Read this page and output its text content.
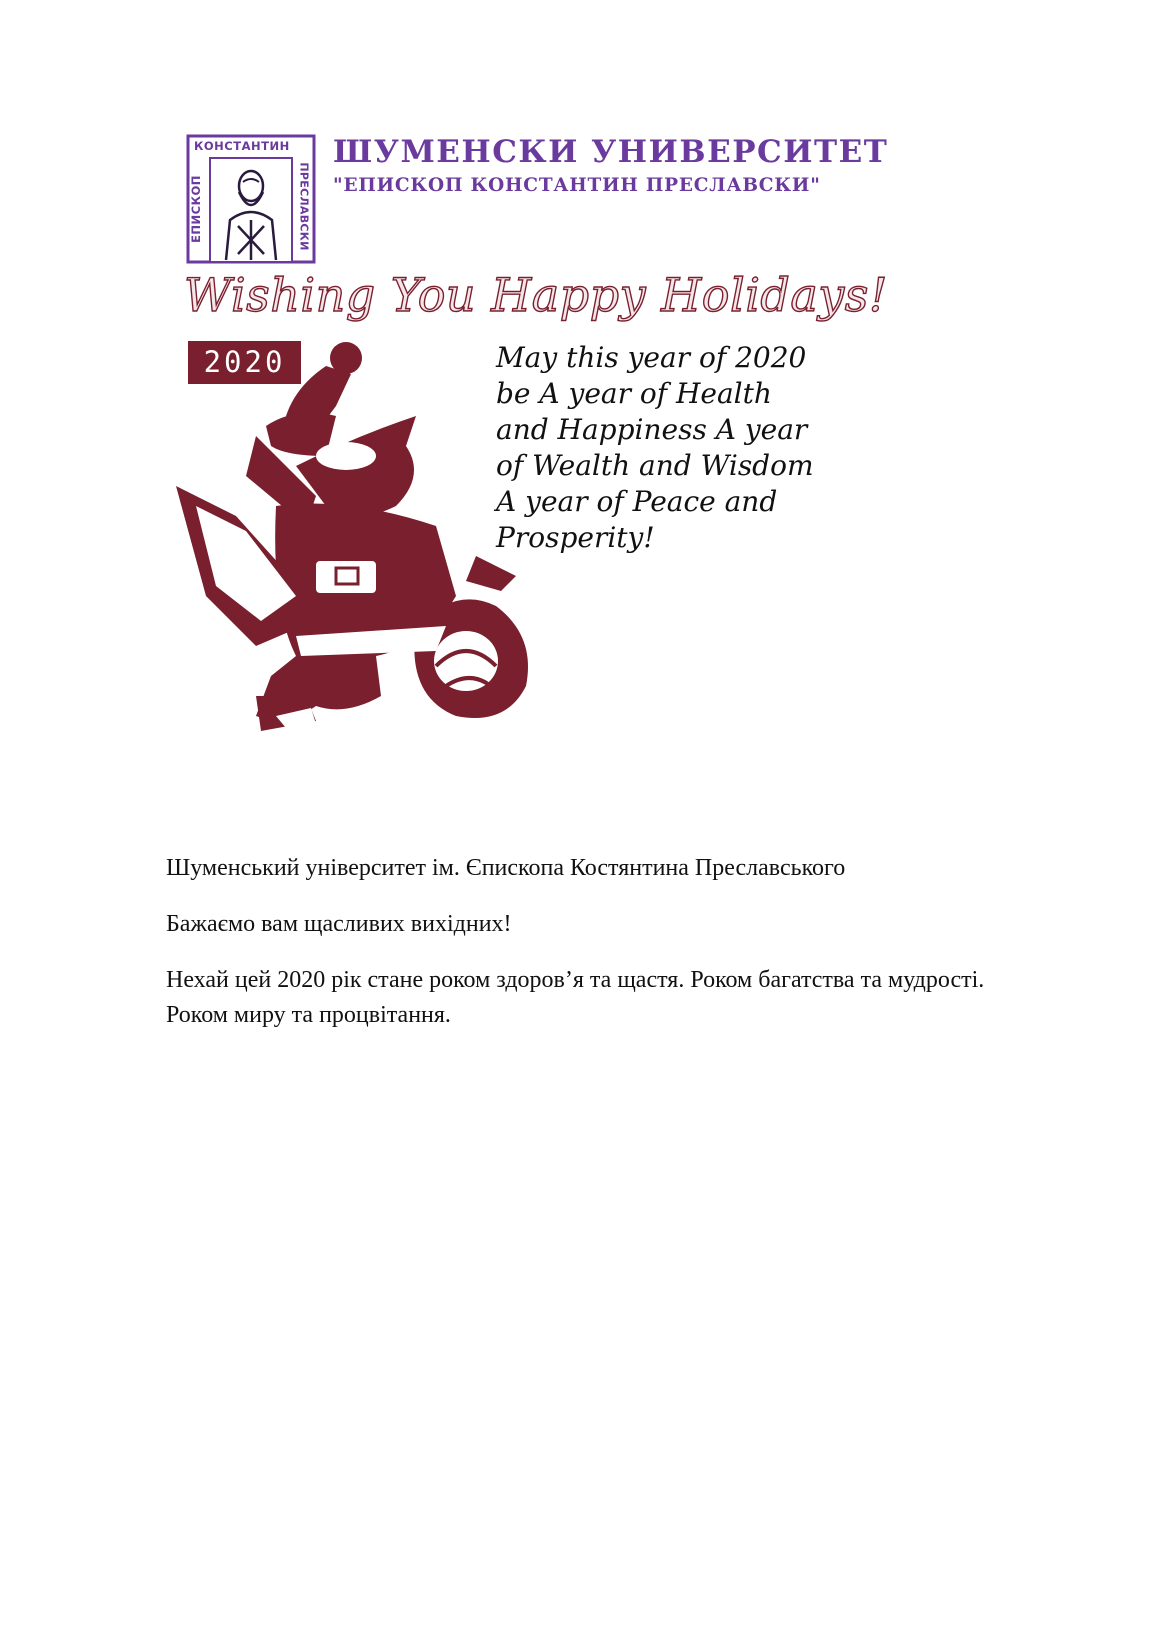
КОНСТАНТИН
ЕПИСКОП	ПРЕСЛАВСКИ
ШУМЕНСКИ УНИВЕРСИТЕТ
"ЕПИСКОП КОНСТАНТИН ПРЕСЛАВСКИ"
Wishing You Happy Holidays!
2020	May this year of 2020
be A year of Health
and Happiness A year
of Wealth and Wisdom
A year of Peace and
Prosperity!

Шуменський університет ім. Єпископа Костянтина Преславського

Бажаємо вам щасливих вихідних!

Нехай цей 2020 рік стане роком здоров’я та щастя. Роком багатства та мудрості. Роком миру та процвітання.
